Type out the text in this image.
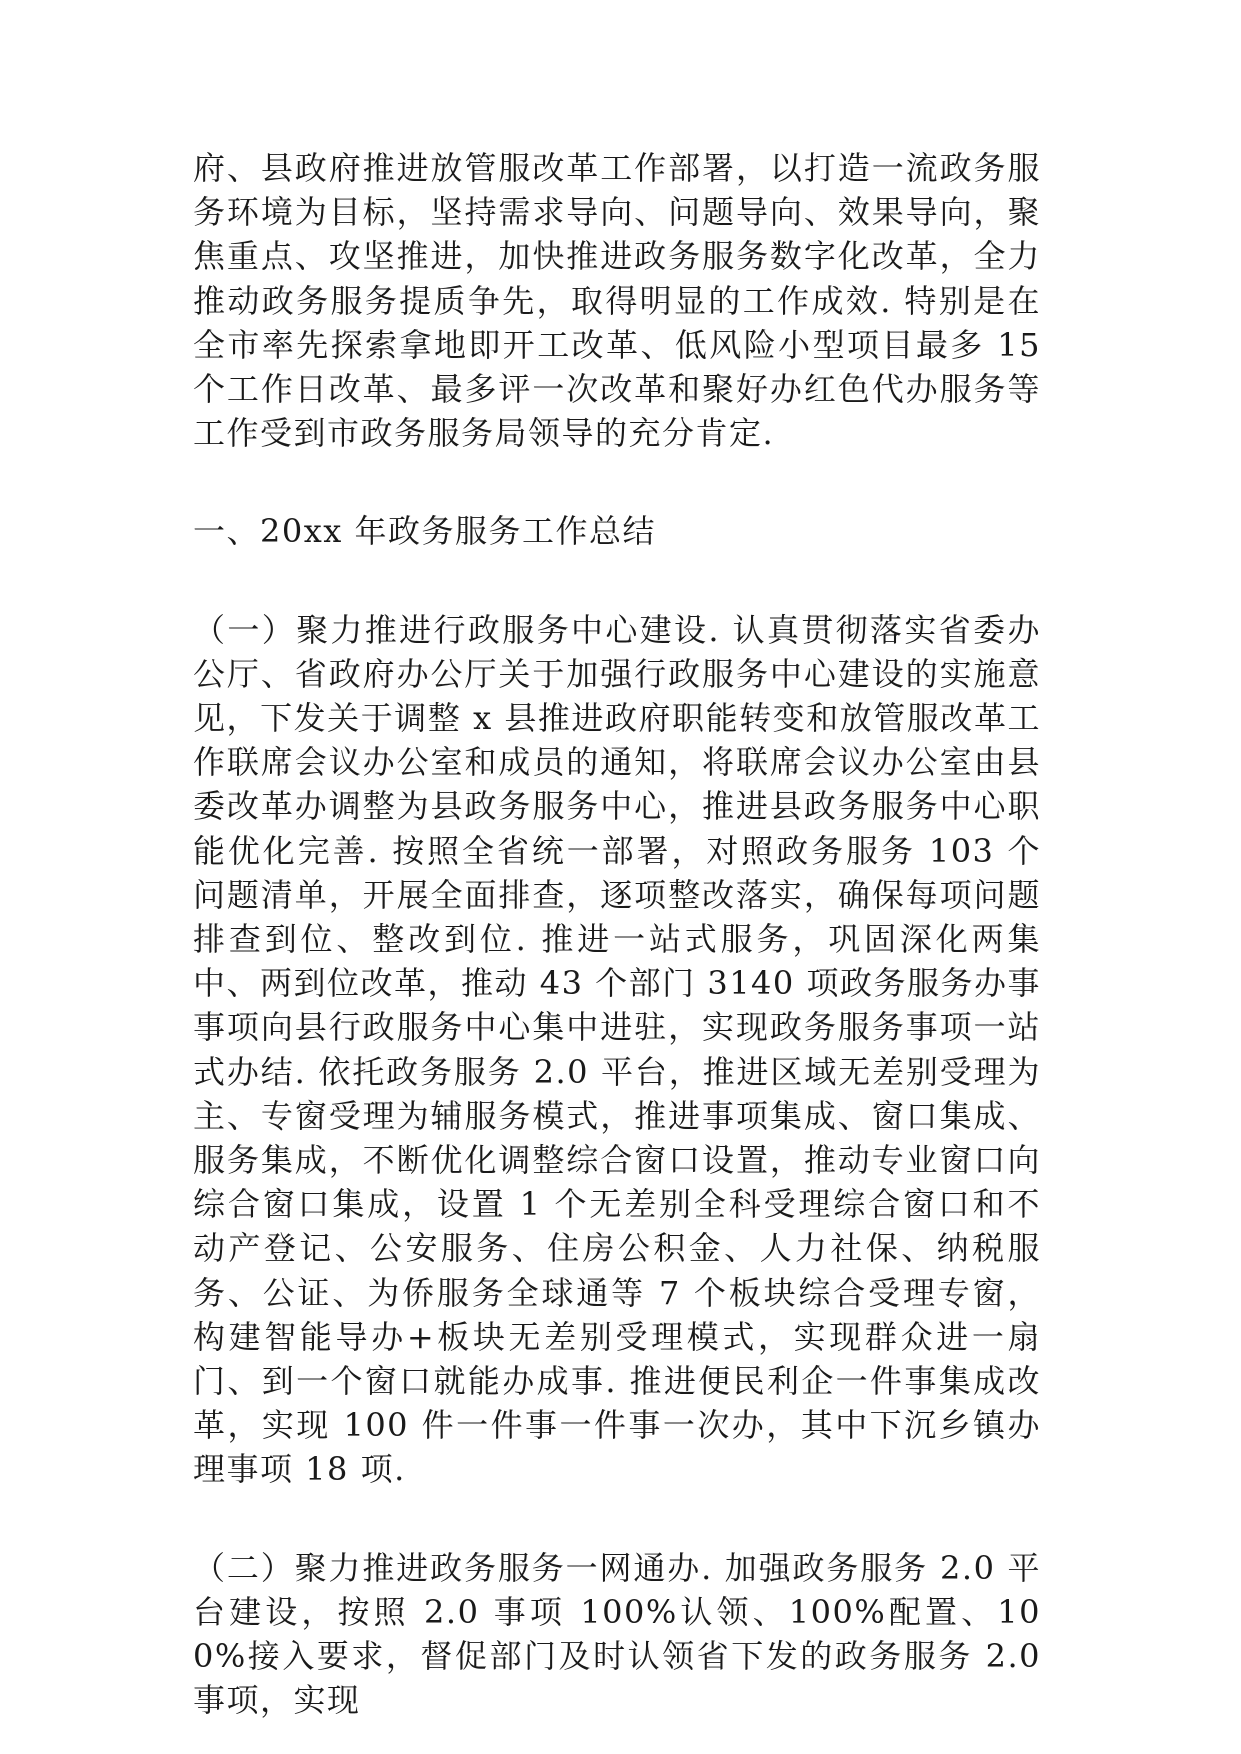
府、县政府推进放管服改革工作部署，以打造一流政务服务环境为目标，坚持需求导向、问题导向、效果导向，聚焦重点、攻坚推进，加快推进政务服务数字化改革，全力推动政务服务提质争先，取得明显的工作成效. 特别是在全市率先探索拿地即开工改革、低风险小型项目最多 15 个工作日改革、最多评一次改革和聚好办红色代办服务等工作受到市政务服务局领导的充分肯定.

一、20xx 年政务服务工作总结

（一）聚力推进行政服务中心建设. 认真贯彻落实省委办公厅、省政府办公厅关于加强行政服务中心建设的实施意见，下发关于调整 x 县推进政府职能转变和放管服改革工作联席会议办公室和成员的通知，将联席会议办公室由县委改革办调整为县政务服务中心，推进县政务服务中心职能优化完善. 按照全省统一部署，对照政务服务 103 个问题清单，开展全面排查，逐项整改落实，确保每项问题排查到位、整改到位. 推进一站式服务，巩固深化两集中、两到位改革，推动 43 个部门 3140 项政务服务办事事项向县行政服务中心集中进驻，实现政务服务事项一站式办结. 依托政务服务 2.0 平台，推进区域无差别受理为主、专窗受理为辅服务模式，推进事项集成、窗口集成、服务集成，不断优化调整综合窗口设置，推动专业窗口向综合窗口集成，设置 1 个无差别全科受理综合窗口和不动产登记、公安服务、住房公积金、人力社保、纳税服务、公证、为侨服务全球通等 7 个板块综合受理专窗，构建智能导办+板块无差别受理模式，实现群众进一扇门、到一个窗口就能办成事. 推进便民利企一件事集成改革，实现 100 件一件事一件事一次办，其中下沉乡镇办理事项 18 项.

（二）聚力推进政务服务一网通办. 加强政务服务 2.0 平台建设，按照 2.0 事项 100%认领、100%配置、100%接入要求，督促部门及时认领省下发的政务服务 2.0 事项，实现
